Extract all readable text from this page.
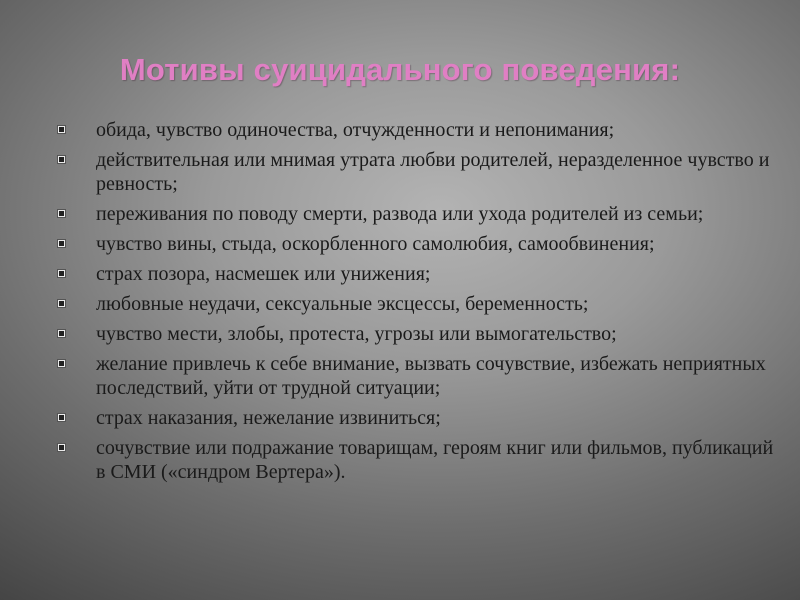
Мотивы суицидального поведения:
обида, чувство одиночества, отчужденности и непонимания;
действительная или мнимая утрата любви родителей, неразделенное чувство и ревность;
переживания по поводу смерти, развода или ухода родителей из семьи;
чувство вины, стыда, оскорбленного самолюбия, самообвинения;
страх позора, насмешек или унижения;
любовные неудачи, сексуальные эксцессы, беременность;
чувство мести, злобы, протеста, угрозы или вымогательство;
желание привлечь к себе внимание, вызвать сочувствие, избежать неприятных последствий, уйти от трудной ситуации;
страх наказания, нежелание извиниться;
сочувствие или подражание товарищам, героям книг или фильмов, публикаций в СМИ («синдром Вертера»).
